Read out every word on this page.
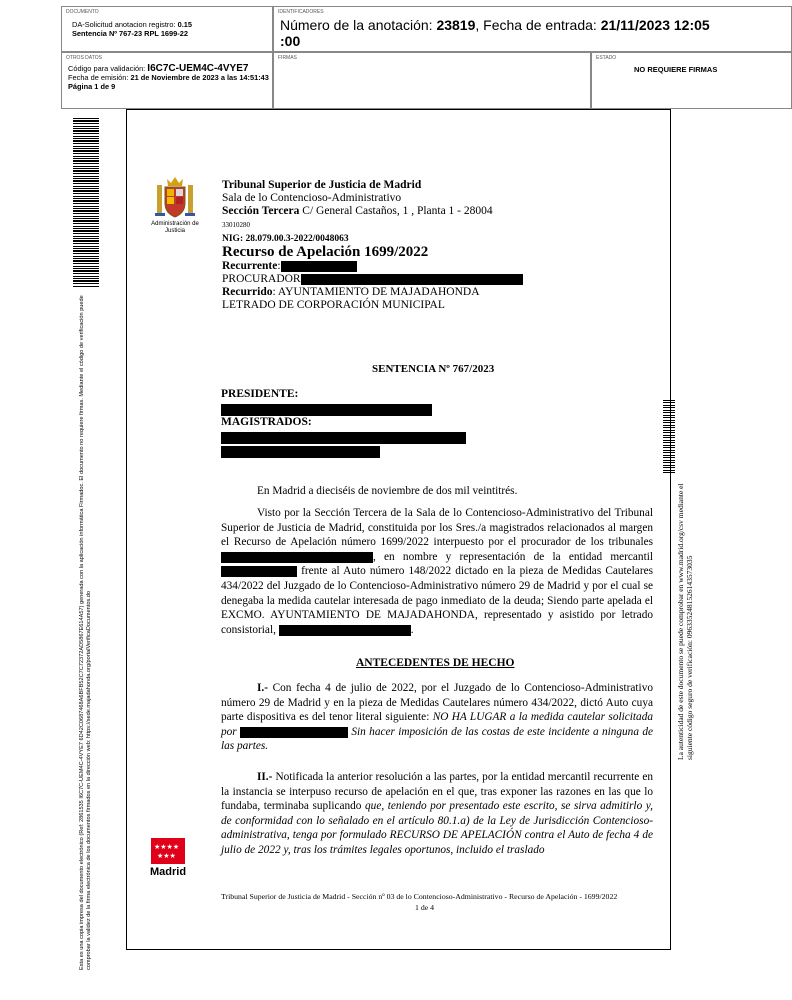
DOCUMENTO
DA-Solicitud anotacion registro: 0.15
Sentencia Nº 767-23 RPL 1699-22
IDENTIFICADORES
Número de la anotación: 23819, Fecha de entrada: 21/11/2023 12:05
:00
OTROS DATOS
Código para validación: I6C7C-UEM4C-4VYE7
Fecha de emisión: 21 de Noviembre de 2023 a las 14:51:43
Página 1 de 9
FIRMAS	ESTADO
NO REQUIERE FIRMAS
Esta es una copia impresa del documento electrónico (Ref: 2861535 I6C7C-UEM4C-4VYE7 6D42C0687468A6BFB52C7C72372AD5867E614A57) generada con la aplicación informática Firmadoc. El documento no requiere firmas. Mediante el código de verificación puede comprobar la validez de la firma electrónica de los documentos firmados en la dirección web: https://sede.majadahonda.org/portalVerificaDocumentos.do	La autenticidad de este documento se puede comprobar en www.madrid.org/csv mediante el siguiente código seguro de verificación: 0963352481526143573035
Administración de Justicia
Tribunal Superior de Justicia de Madrid
Sala de lo Contencioso-Administrativo
Sección Tercera C/ General Castaños, 1 , Planta 1 - 28004
33010280
NIG: 28.079.00.3-2022/0048063
Recurso de Apelación 1699/2022
Recurrente:
PROCURADOR
Recurrido: AYUNTAMIENTO DE MAJADAHONDA
LETRADO DE CORPORACIÓN MUNICIPAL
SENTENCIA Nº 767/2023
PRESIDENTE:
MAGISTRADOS:
En Madrid a dieciséis de noviembre de dos mil veintitrés.
Visto por la Sección Tercera de la Sala de lo Contencioso-Administrativo del Tribunal Superior de Justicia de Madrid, constituida por los Sres./a magistrados relacionados al margen el Recurso de Apelación número 1699/2022 interpuesto por el procurador de los tribunales , en nombre y representación de la entidad mercantil  frente al Auto número 148/2022 dictado en la pieza de Medidas Cautelares 434/2022 del Juzgado de lo Contencioso-Administrativo número 29 de Madrid y por el cual se denegaba la medida cautelar interesada de pago inmediato de la deuda; Siendo parte apelada el EXCMO. AYUNTAMIENTO DE MAJADAHONDA, representado y asistido por letrado consistorial,	.
ANTECEDENTES DE HECHO
I.- Con fecha 4 de julio de 2022, por el Juzgado de lo Contencioso-Administrativo número 29 de Madrid y en la pieza de Medidas Cautelares número 434/2022, dictó Auto cuya parte dispositiva es del tenor literal siguiente: NO HA LUGAR a la medida cautelar solicitada por	Sin hacer imposición de las costas de este incidente a ninguna de las partes.
II.- Notificada la anterior resolución a las partes, por la entidad mercantil recurrente en la instancia se interpuso recurso de apelación en el que, tras exponer las razones en las que lo fundaba, terminaba suplicando que, teniendo por presentado este escrito, se sirva admitirlo y, de conformidad con lo señalado en el artículo 80.1.a) de la Ley de Jurisdicción Contencioso-administrativa, tenga por formulado RECURSO DE APELACIÓN contra el Auto de fecha 4 de julio de 2022 y, tras los trámites legales oportunos, incluido el traslado
★★★★
★★★
Madrid
Tribunal Superior de Justicia de Madrid - Sección nº 03 de lo Contencioso-Administrativo - Recurso de Apelación - 1699/2022
1 de 4
